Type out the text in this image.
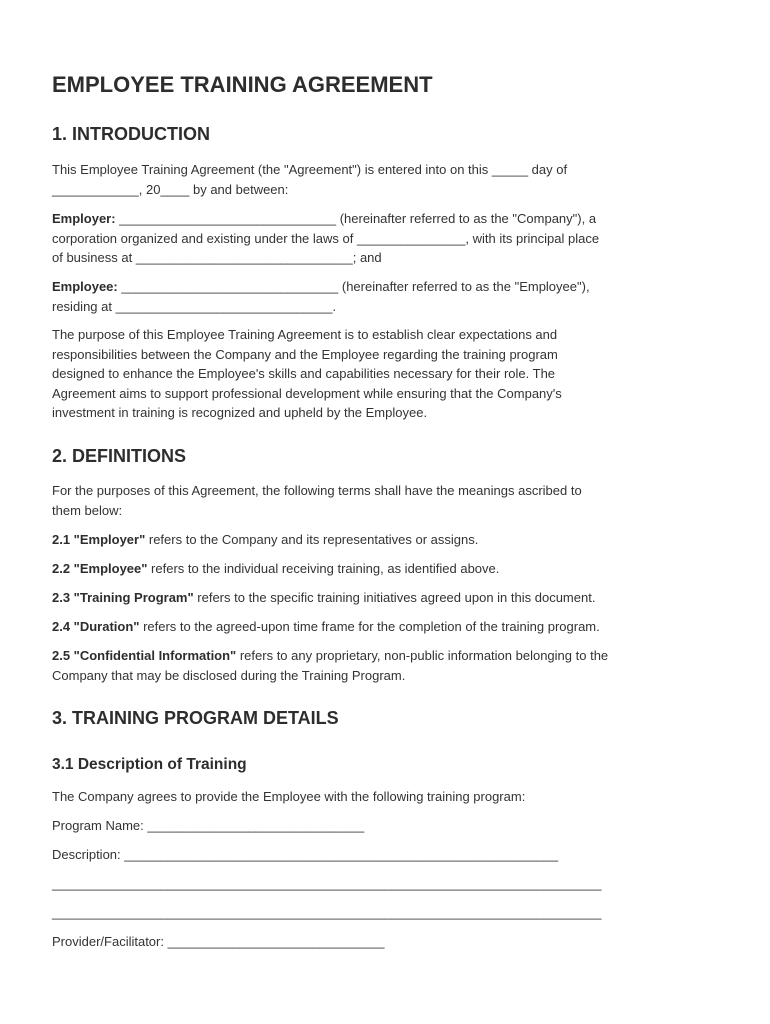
EMPLOYEE TRAINING AGREEMENT
1. INTRODUCTION
This Employee Training Agreement (the "Agreement") is entered into on this _____ day of
____________, 20____ by and between:
Employer: ______________________________ (hereinafter referred to as the "Company"), a
corporation organized and existing under the laws of _______________, with its principal place
of business at ______________________________; and
Employee: ______________________________ (hereinafter referred to as the "Employee"),
residing at ______________________________.
The purpose of this Employee Training Agreement is to establish clear expectations and
responsibilities between the Company and the Employee regarding the training program
designed to enhance the Employee's skills and capabilities necessary for their role. The
Agreement aims to support professional development while ensuring that the Company's
investment in training is recognized and upheld by the Employee.
2. DEFINITIONS
For the purposes of this Agreement, the following terms shall have the meanings ascribed to
them below:
2.1 "Employer" refers to the Company and its representatives or assigns.
2.2 "Employee" refers to the individual receiving training, as identified above.
2.3 "Training Program" refers to the specific training initiatives agreed upon in this document.
2.4 "Duration" refers to the agreed-upon time frame for the completion of the training program.
2.5 "Confidential Information" refers to any proprietary, non-public information belonging to the
Company that may be disclosed during the Training Program.
3. TRAINING PROGRAM DETAILS
3.1 Description of Training
The Company agrees to provide the Employee with the following training program:
Program Name: ______________________________
Description: ____________________________________________________________
____________________________________________________________________________
____________________________________________________________________________
Provider/Facilitator: ______________________________
